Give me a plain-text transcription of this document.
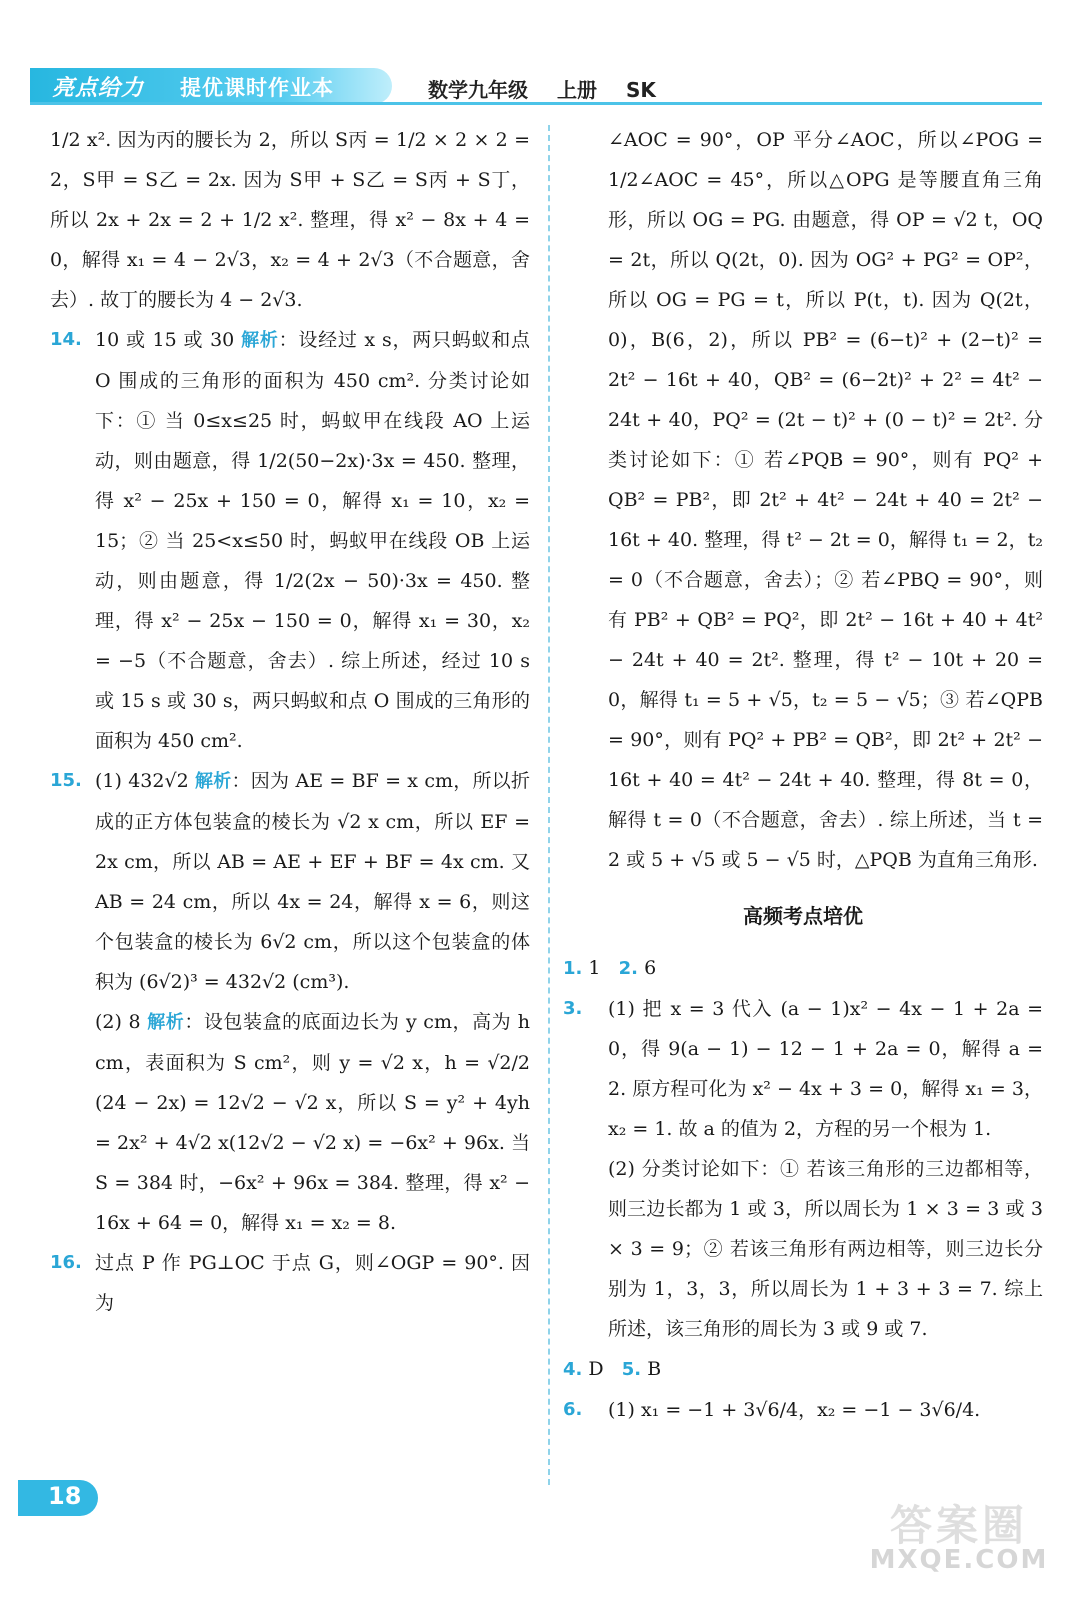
亮点给力 提优课时作业本	数学九年级 上册 SK

1/2 x². 因为丙的腰长为 2，所以 S丙 = 1/2 × 2 × 2 = 2，S甲 = S乙 = 2x. 因为 S甲 + S乙 = S丙 + S丁，所以 2x + 2x = 2 + 1/2 x². 整理，得 x² − 8x + 4 = 0，解得 x₁ = 4 − 2√3，x₂ = 4 + 2√3（不合题意，舍去）. 故丁的腰长为 4 − 2√3.

14. 10 或 15 或 30 解析：设经过 x s，两只蚂蚁和点 O 围成的三角形的面积为 450 cm². 分类讨论如下：① 当 0≤x≤25 时，蚂蚁甲在线段 AO 上运动，则由题意，得 1/2(50−2x)·3x = 450. 整理，得 x² − 25x + 150 = 0，解得 x₁ = 10，x₂ = 15；② 当 25<x≤50 时，蚂蚁甲在线段 OB 上运动，则由题意，得 1/2(2x − 50)·3x = 450. 整理，得 x² − 25x − 150 = 0，解得 x₁ = 30，x₂ = −5（不合题意，舍去）. 综上所述，经过 10 s 或 15 s 或 30 s，两只蚂蚁和点 O 围成的三角形的面积为 450 cm².

15. (1) 432√2 解析：因为 AE = BF = x cm，所以折成的正方体包装盒的棱长为 √2 x cm，所以 EF = 2x cm，所以 AB = AE + EF + BF = 4x cm. 又 AB = 24 cm，所以 4x = 24，解得 x = 6，则这个包装盒的棱长为 6√2 cm，所以这个包装盒的体积为 (6√2)³ = 432√2 (cm³).

(2) 8 解析：设包装盒的底面边长为 y cm，高为 h cm，表面积为 S cm²，则 y = √2 x，h = √2/2 (24 − 2x) = 12√2 − √2 x，所以 S = y² + 4yh = 2x² + 4√2 x(12√2 − √2 x) = −6x² + 96x. 当 S = 384 时，−6x² + 96x = 384. 整理，得 x² − 16x + 64 = 0，解得 x₁ = x₂ = 8.

16. 过点 P 作 PG⊥OC 于点 G，则∠OGP = 90°. 因为

∠AOC = 90°，OP 平分∠AOC，所以∠POG = 1/2∠AOC = 45°，所以△OPG 是等腰直角三角形，所以 OG = PG. 由题意，得 OP = √2 t，OQ = 2t，所以 Q(2t，0). 因为 OG² + PG² = OP²，所以 OG = PG = t，所以 P(t，t). 因为 Q(2t，0)，B(6，2)，所以 PB² = (6−t)² + (2−t)² = 2t² − 16t + 40，QB² = (6−2t)² + 2² = 4t² − 24t + 40，PQ² = (2t − t)² + (0 − t)² = 2t². 分类讨论如下：① 若∠PQB = 90°，则有 PQ² + QB² = PB²，即 2t² + 4t² − 24t + 40 = 2t² − 16t + 40. 整理，得 t² − 2t = 0，解得 t₁ = 2，t₂ = 0（不合题意，舍去）；② 若∠PBQ = 90°，则有 PB² + QB² = PQ²，即 2t² − 16t + 40 + 4t² − 24t + 40 = 2t². 整理，得 t² − 10t + 20 = 0，解得 t₁ = 5 + √5，t₂ = 5 − √5；③ 若∠QPB = 90°，则有 PQ² + PB² = QB²，即 2t² + 2t² − 16t + 40 = 4t² − 24t + 40. 整理，得 8t = 0，解得 t = 0（不合题意，舍去）. 综上所述，当 t = 2 或 5 + √5 或 5 − √5 时，△PQB 为直角三角形.

高频考点培优

1. 1 2. 6

3. (1) 把 x = 3 代入 (a − 1)x² − 4x − 1 + 2a = 0，得 9(a − 1) − 12 − 1 + 2a = 0，解得 a = 2. 原方程可化为 x² − 4x + 3 = 0，解得 x₁ = 3，x₂ = 1. 故 a 的值为 2，方程的另一个根为 1.

(2) 分类讨论如下：① 若该三角形的三边都相等，则三边长都为 1 或 3，所以周长为 1 × 3 = 3 或 3 × 3 = 9；② 若该三角形有两边相等，则三边长分别为 1，3，3，所以周长为 1 + 3 + 3 = 7. 综上所述，该三角形的周长为 3 或 9 或 7.

4. D 5. B

6. (1) x₁ = −1 + 3√6/4，x₂ = −1 − 3√6/4.

18
答案圈
MXQE.COM
